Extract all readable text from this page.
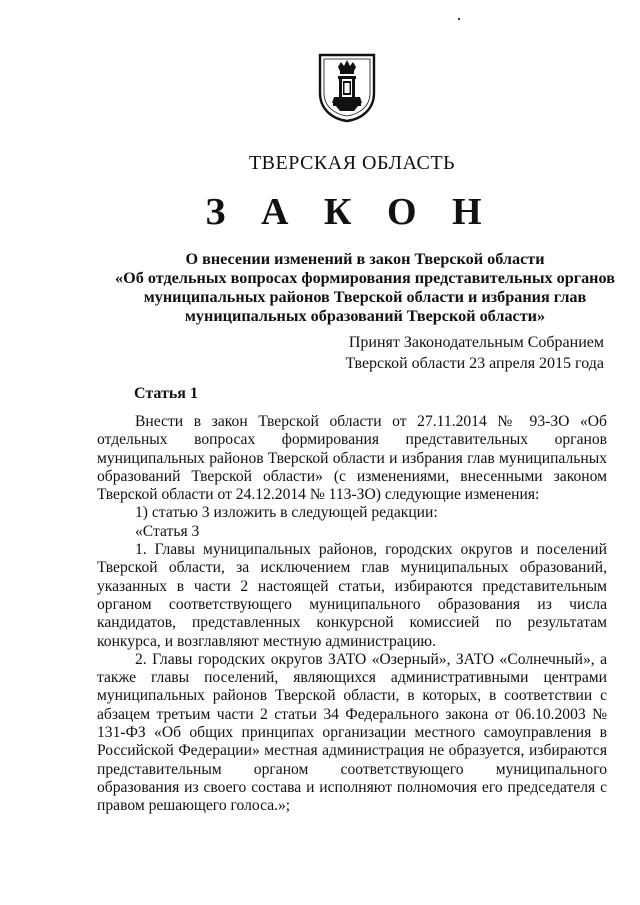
ТВЕРСКАЯ ОБЛАСТЬ
З А К О Н
О внесении изменений в закон Тверской области
«Об отдельных вопросах формирования представительных органов
муниципальных районов Тверской области и избрания глав
муниципальных образований Тверской области»
Принят Законодательным Собранием
Тверской области 23 апреля 2015 года
Статья 1

Внести в закон Тверской области от 27.11.2014 № 93-ЗО «Об отдельных вопросах формирования представительных органов муниципальных районов Тверской области и избрания глав муниципальных образований Тверской области» (с изменениями, внесенными законом Тверской области от 24.12.2014 № 113-ЗО) следующие изменения:

1) статью 3 изложить в следующей редакции:

«Статья 3

1. Главы муниципальных районов, городских округов и поселений Тверской области, за исключением глав муниципальных образований, указанных в части 2 настоящей статьи, избираются представительным органом соответствующего муниципального образования из числа кандидатов, представленных конкурсной комиссией по результатам конкурса, и возглавляют местную администрацию.

2. Главы городских округов ЗАТО «Озерный», ЗАТО «Солнечный», а также главы поселений, являющихся административными центрами муниципальных районов Тверской области, в которых, в соответствии с абзацем третьим части 2 статьи 34 Федерального закона от 06.10.2003 № 131-ФЗ «Об общих принципах организации местного самоуправления в Российской Федерации» местная администрация не образуется, избираются представительным органом соответствующего муниципального образования из своего состава и исполняют полномочия его председателя с правом решающего голоса.»;
